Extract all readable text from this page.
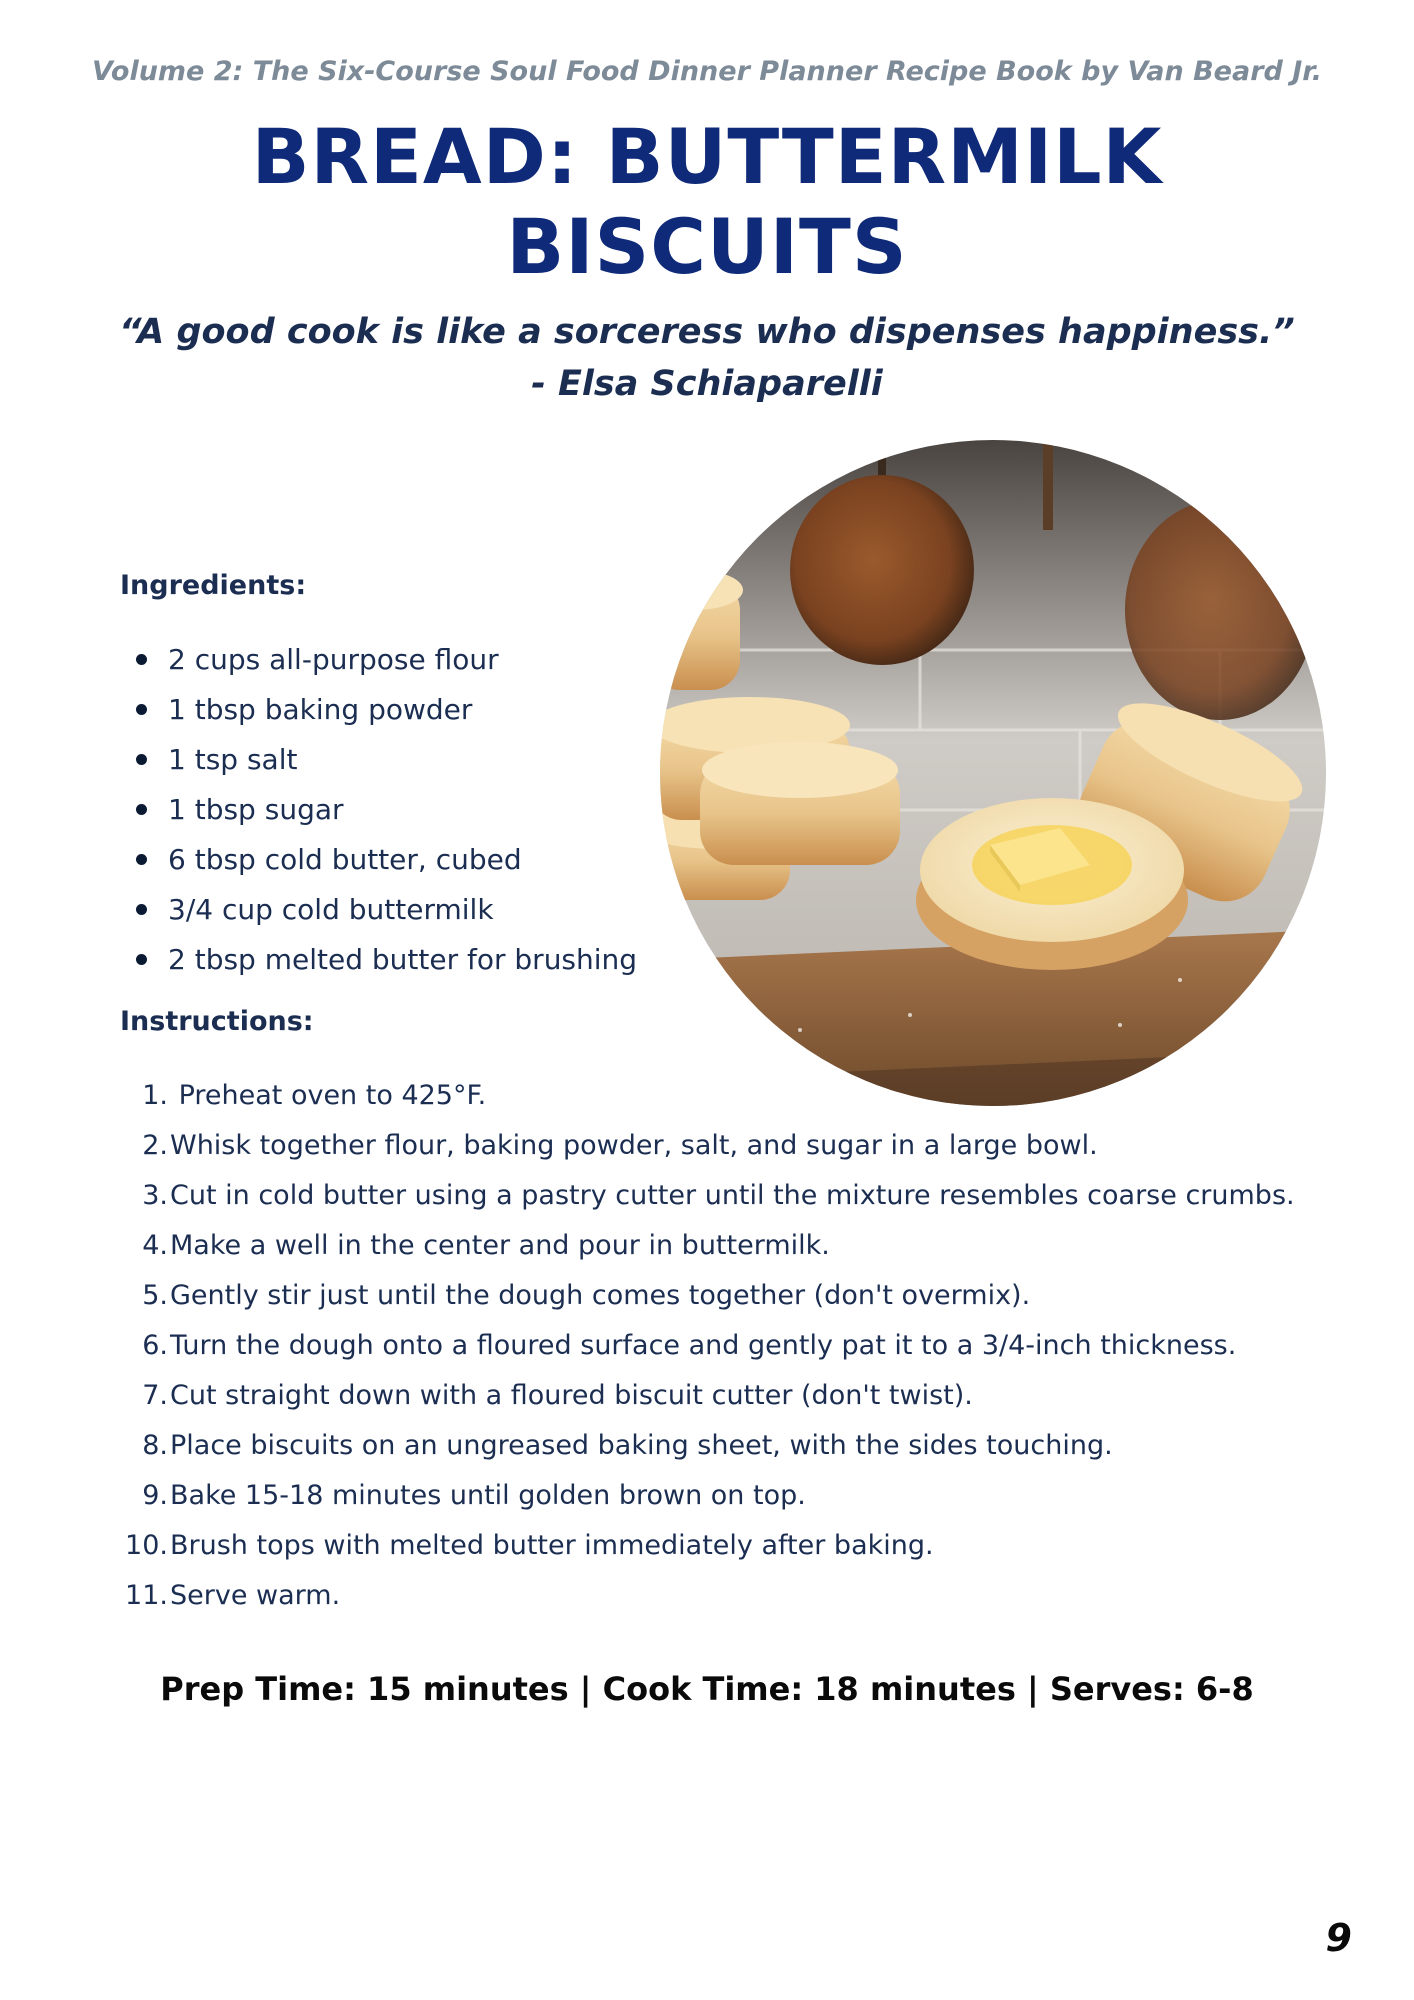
Volume 2: The Six-Course Soul Food Dinner Planner Recipe Book by Van Beard Jr.
BREAD: BUTTERMILK
BISCUITS
“A good cook is like a sorceress who dispenses happiness.”
- Elsa Schiaparelli
Ingredients:
2 cups all-purpose flour
1 tbsp baking powder
1 tsp salt
1 tbsp sugar
6 tbsp cold butter, cubed
3/4 cup cold buttermilk
2 tbsp melted butter for brushing
Instructions:
1. Preheat oven to 425°F.
2. Whisk together flour, baking powder, salt, and sugar in a large bowl.
3. Cut in cold butter using a pastry cutter until the mixture resembles coarse crumbs.
4. Make a well in the center and pour in buttermilk.
5. Gently stir just until the dough comes together (don't overmix).
6. Turn the dough onto a floured surface and gently pat it to a 3/4-inch thickness.
7. Cut straight down with a floured biscuit cutter (don't twist).
8. Place biscuits on an ungreased baking sheet, with the sides touching.
9. Bake 15-18 minutes until golden brown on top.
10. Brush tops with melted butter immediately after baking.
11. Serve warm.
Prep Time: 15 minutes | Cook Time: 18 minutes | Serves: 6-8
9
